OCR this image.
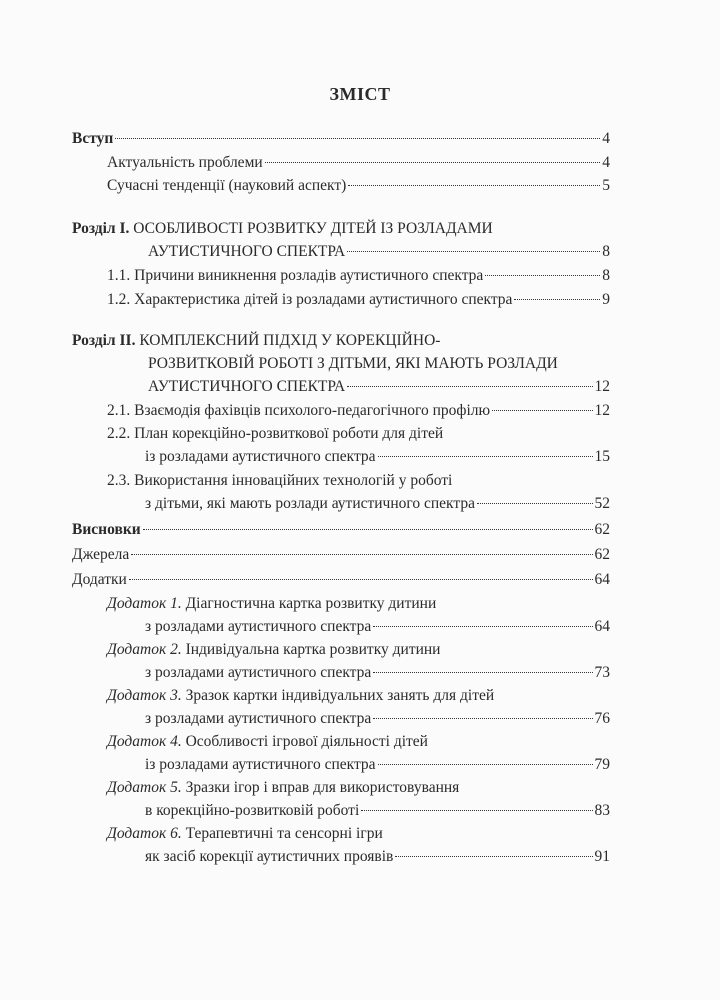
ЗМІСТ
Вступ	4
Актуальність проблеми	4
Сучасні тенденції (науковий аспект)	5
Розділ І. ОСОБЛИВОСТІ РОЗВИТКУ ДІТЕЙ ІЗ РОЗЛАДАМИ
АУТИСТИЧНОГО СПЕКТРА	8
1.1. Причини виникнення розладів аутистичного спектра	8
1.2. Характеристика дітей із розладами аутистичного спектра	9
Розділ ІІ. КОМПЛЕКСНИЙ ПІДХІД У КОРЕКЦІЙНО-
РОЗВИТКОВІЙ РОБОТІ З ДІТЬМИ, ЯКІ МАЮТЬ РОЗЛАДИ
АУТИСТИЧНОГО СПЕКТРА	12
2.1. Взаємодія фахівців психолого-педагогічного профілю	12
2.2. План корекційно-розвиткової роботи для дітей
із розладами аутистичного спектра	15
2.3. Використання інноваційних технологій у роботі
з дітьми, які мають розлади аутистичного спектра	52
Висновки	62
Джерела	62
Додатки	64
Додаток 1. Діагностична картка розвитку дитини
з розладами аутистичного спектра	64
Додаток 2. Індивідуальна картка розвитку дитини
з розладами аутистичного спектра	73
Додаток 3. Зразок картки індивідуальних занять для дітей
з розладами аутистичного спектра	76
Додаток 4. Особливості ігрової діяльності дітей
із розладами аутистичного спектра	79
Додаток 5. Зразки ігор і вправ для використовування
в корекційно-розвитковій роботі	83
Додаток 6. Терапевтичні та сенсорні ігри
як засіб корекції аутистичних проявів	91
